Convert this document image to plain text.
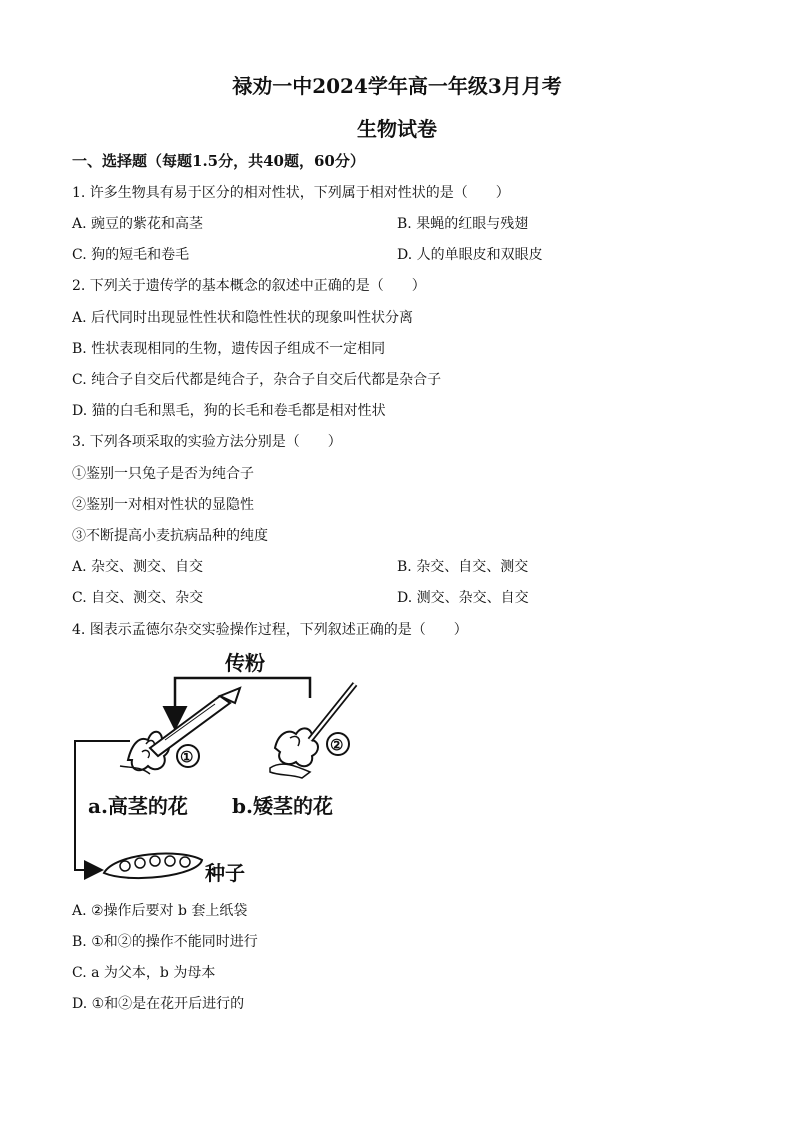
禄劝一中2024学年高一年级3月月考
生物试卷
一、选择题（每题1.5分，共40题，60分）
1. 许多生物具有易于区分的相对性状，下列属于相对性状的是（　　）
A. 豌豆的紫花和高茎	B. 果蝇的红眼与残翅
C. 狗的短毛和卷毛	D. 人的单眼皮和双眼皮
2. 下列关于遗传学的基本概念的叙述中正确的是（　　）
A. 后代同时出现显性性状和隐性性状的现象叫性状分离
B. 性状表现相同的生物，遗传因子组成不一定相同
C. 纯合子自交后代都是纯合子，杂合子自交后代都是杂合子
D. 猫的白毛和黑毛，狗的长毛和卷毛都是相对性状
3. 下列各项采取的实验方法分别是（　　）
①鉴别一只兔子是否为纯合子
②鉴别一对相对性状的显隐性
③不断提高小麦抗病品种的纯度
A. 杂交、测交、自交	B. 杂交、自交、测交
C. 自交、测交、杂交	D. 测交、杂交、自交
4. 图表示孟德尔杂交实验操作过程，下列叙述正确的是（　　）
传粉
①
②
a.高茎的花 b.矮茎的花
种子
A. ②操作后要对 b 套上纸袋
B. ①和②的操作不能同时进行
C. a 为父本，b 为母本
D. ①和②是在花开后进行的
